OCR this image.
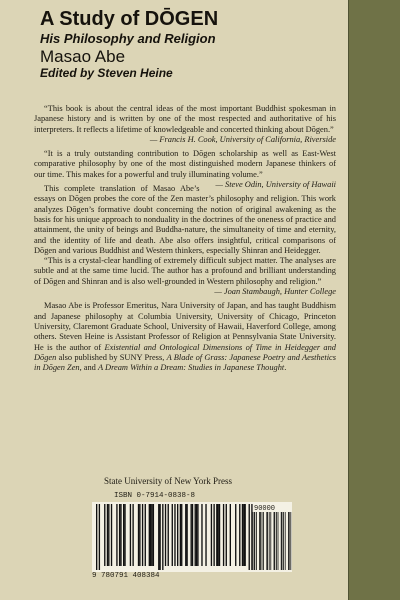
A Study of DŌGEN
His Philosophy and Religion
Masao Abe
Edited by Steven Heine

“This book is about the central ideas of the most important Buddhist spokesman in Japanese history and is written by one of the most respected and authoritative of his interpreters. It reflects a lifetime of knowledgeable and concerted thinking about Dōgen.”

— Francis H. Cook, University of California, Riverside

“It is a truly outstanding contribution to Dōgen scholarship as well as East-West comparative philosophy by one of the most distinguished modern Japanese thinkers of our time. This makes for a powerful and truly illuminating volume.”
— Steve Odin, University of Hawaii

This complete translation of Masao Abe’s essays on Dōgen probes the core of the Zen master’s philosophy and religion. This work analyzes Dōgen’s formative doubt concerning the notion of original awakening as the basis for his unique approach to nonduality in the doctrines of the oneness of practice and attainment, the unity of beings and Buddha-nature, the simultaneity of time and eternity, and the identity of life and death. Abe also offers insightful, critical comparisons of Dōgen and various Buddhist and Western thinkers, especially Shinran and Heidegger.

“This is a crystal-clear handling of extremely difficult subject matter. The analyses are subtle and at the same time lucid. The author has a profound and brilliant understanding of Dōgen and Shinran and is also well-grounded in Western philosophy and religion.”

— Joan Stambaugh, Hunter College

Masao Abe is Professor Emeritus, Nara University of Japan, and has taught Buddhism and Japanese philosophy at Columbia University, University of Chicago, Princeton University, Claremont Graduate School, University of Hawaii, Haverford College, among others. Steven Heine is Assistant Professor of Religion at Pennsylvania State University. He is the author of Existential and Ontological Dimensions of Time in Heidegger and Dōgen also published by SUNY Press, A Blade of Grass: Japanese Poetry and Aesthetics in Dōgen Zen, and A Dream Within a Dream: Studies in Japanese Thought.

State University of New York Press
ISBN 0-7914-0838-8
90000
9 780791 408384
